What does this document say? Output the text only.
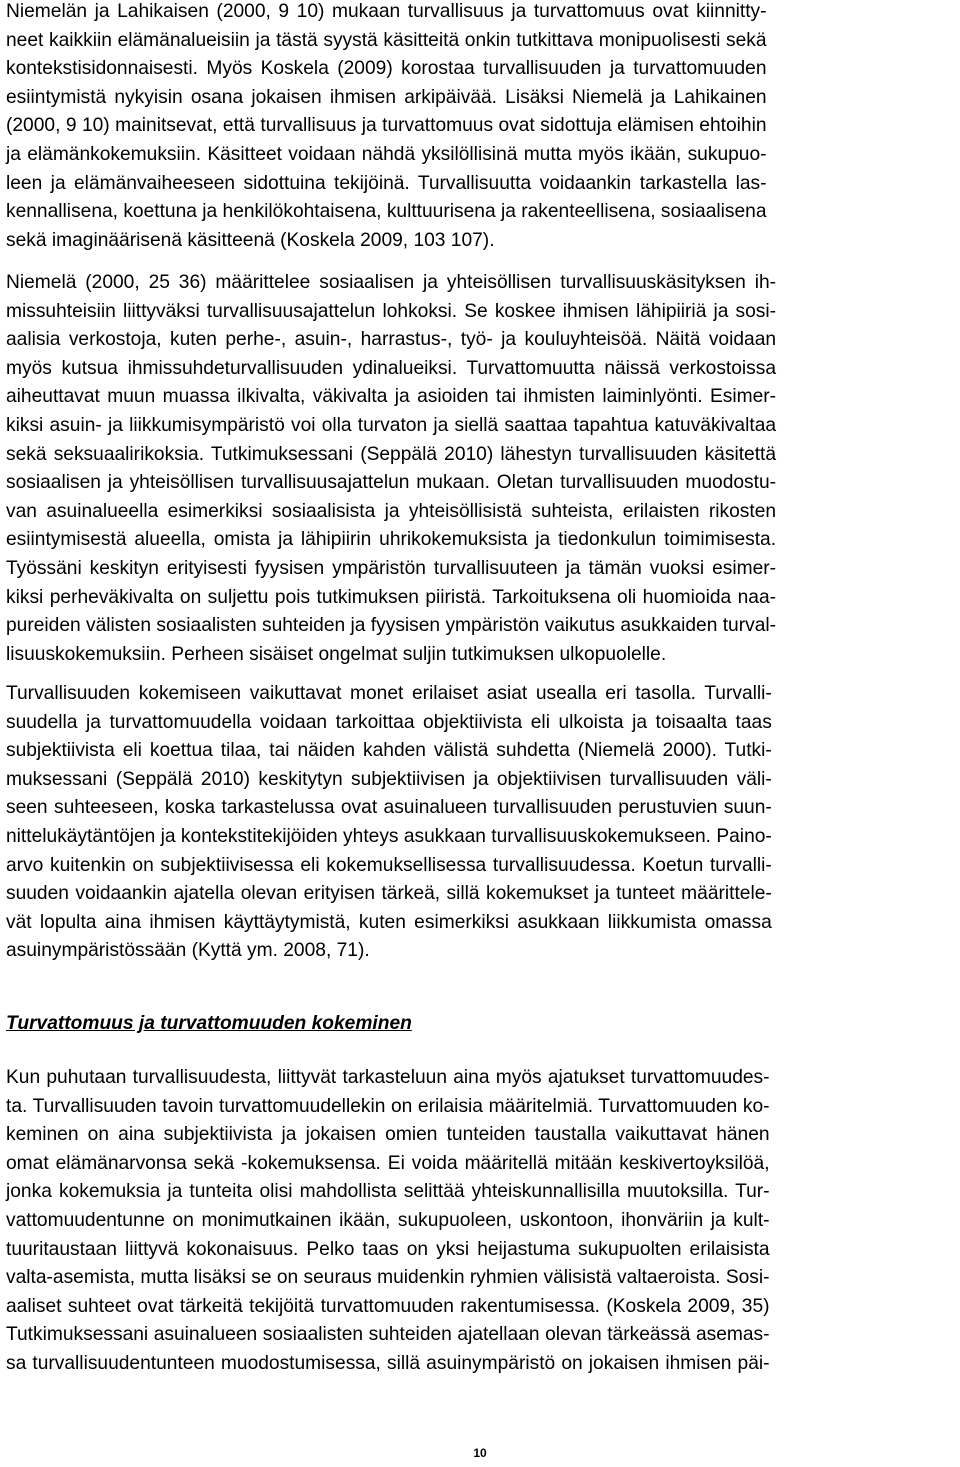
Niemelän ja Lahikaisen (2000, 9 10) mukaan turvallisuus ja turvattomuus ovat kiinnitty-
neet kaikkiin elämänalueisiin ja tästä syystä käsitteitä onkin tutkittava monipuolisesti sekä
kontekstisidonnaisesti. Myös Koskela (2009) korostaa turvallisuuden ja turvattomuuden
esiintymistä nykyisin osana jokaisen ihmisen arkipäivää. Lisäksi Niemelä ja Lahikainen
(2000, 9 10) mainitsevat, että turvallisuus ja turvattomuus ovat sidottuja elämisen ehtoihin
ja elämänkokemuksiin. Käsitteet voidaan nähdä yksilöllisinä mutta myös ikään, sukupuo-
leen ja elämänvaiheeseen sidottuina tekijöinä. Turvallisuutta voidaankin tarkastella las-
kennallisena, koettuna ja henkilökohtaisena, kulttuurisena ja rakenteellisena, sosiaalisena
sekä imaginäärisenä käsitteenä (Koskela 2009, 103 107).

Niemelä (2000, 25 36) määrittelee sosiaalisen ja yhteisöllisen turvallisuuskäsityksen ih-
missuhteisiin liittyväksi turvallisuusajattelun lohkoksi. Se koskee ihmisen lähipiiriä ja sosi-
aalisia verkostoja, kuten perhe-, asuin-, harrastus-, työ- ja kouluyhteisöä. Näitä voidaan
myös kutsua ihmissuhdeturvallisuuden ydinalueiksi. Turvattomuutta näissä verkostoissa
aiheuttavat muun muassa ilkivalta, väkivalta ja asioiden tai ihmisten laiminlyönti. Esimer-
kiksi asuin- ja liikkumisympäristö voi olla turvaton ja siellä saattaa tapahtua katuväkivaltaa
sekä seksuaalirikoksia. Tutkimuksessani (Seppälä 2010) lähestyn turvallisuuden käsitettä
sosiaalisen ja yhteisöllisen turvallisuusajattelun mukaan. Oletan turvallisuuden muodostu-
van asuinalueella esimerkiksi sosiaalisista ja yhteisöllisistä suhteista, erilaisten rikosten
esiintymisestä alueella, omista ja lähipiirin uhrikokemuksista ja tiedonkulun toimimisesta.
Työssäni keskityn erityisesti fyysisen ympäristön turvallisuuteen ja tämän vuoksi esimer-
kiksi perheväkivalta on suljettu pois tutkimuksen piiristä. Tarkoituksena oli huomioida naa-
pureiden välisten sosiaalisten suhteiden ja fyysisen ympäristön vaikutus asukkaiden turval-
lisuuskokemuksiin. Perheen sisäiset ongelmat suljin tutkimuksen ulkopuolelle.

Turvallisuuden kokemiseen vaikuttavat monet erilaiset asiat usealla eri tasolla. Turvalli-
suudella ja turvattomuudella voidaan tarkoittaa objektiivista eli ulkoista ja toisaalta taas
subjektiivista eli koettua tilaa, tai näiden kahden välistä suhdetta (Niemelä 2000). Tutki-
muksessani (Seppälä 2010) keskitytyn subjektiivisen ja objektiivisen turvallisuuden väli-
seen suhteeseen, koska tarkastelussa ovat asuinalueen turvallisuuden perustuvien suun-
nittelukäytäntöjen ja kontekstitekijöiden yhteys asukkaan turvallisuuskokemukseen. Paino-
arvo kuitenkin on subjektiivisessa eli kokemuksellisessa turvallisuudessa. Koetun turvalli-
suuden voidaankin ajatella olevan erityisen tärkeä, sillä kokemukset ja tunteet määrittele-
vät lopulta aina ihmisen käyttäytymistä, kuten esimerkiksi asukkaan liikkumista omassa
asuinympäristössään (Kyttä ym. 2008, 71).

Turvattomuus ja turvattomuuden kokeminen

Kun puhutaan turvallisuudesta, liittyvät tarkasteluun aina myös ajatukset turvattomuudes-
ta. Turvallisuuden tavoin turvattomuudellekin on erilaisia määritelmiä. Turvattomuuden ko-
keminen on aina subjektiivista ja jokaisen omien tunteiden taustalla vaikuttavat hänen
omat elämänarvonsa sekä -kokemuksensa. Ei voida määritellä mitään keskivertoyksilöä,
jonka kokemuksia ja tunteita olisi mahdollista selittää yhteiskunnallisilla muutoksilla. Tur-
vattomuudentunne on monimutkainen ikään, sukupuoleen, uskontoon, ihonväriin ja kult-
tuuritaustaan liittyvä kokonaisuus. Pelko taas on yksi heijastuma sukupuolten erilaisista
valta-asemista, mutta lisäksi se on seuraus muidenkin ryhmien välisistä valtaeroista. Sosi-
aaliset suhteet ovat tärkeitä tekijöitä turvattomuuden rakentumisessa. (Koskela 2009, 35)
Tutkimuksessani asuinalueen sosiaalisten suhteiden ajatellaan olevan tärkeässä asemas-
sa turvallisuudentunteen muodostumisessa, sillä asuinympäristö on jokaisen ihmisen päi-

10
